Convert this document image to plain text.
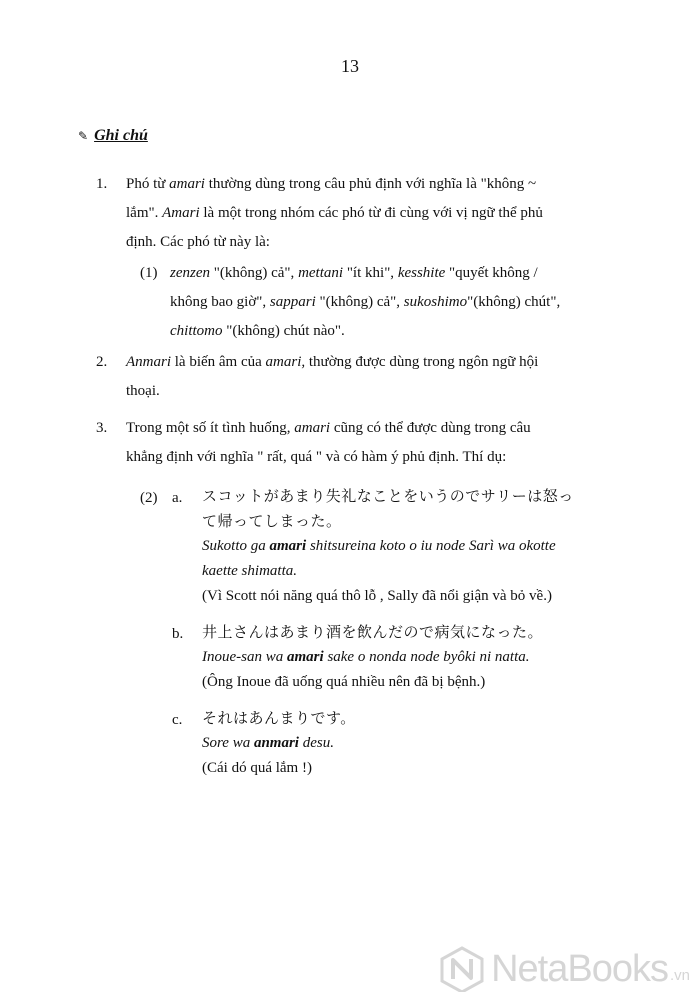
13
✎ Ghi chú
1. Phó từ amari thường dùng trong câu phủ định với nghĩa là "không ~
lắm". Amari là một trong nhóm các phó từ đi cùng với vị ngữ thể phủ
định. Các phó từ này là:
(1) zenzen "(không) cả", mettani "ít khi", kesshite "quyết không /
không bao giờ", sappari "(không) cả", sukoshimo"(không) chút",
chittomo "(không) chút nào".
2. Anmari là biến âm của amari, thường được dùng trong ngôn ngữ hội
thoại.
3. Trong một số ít tình huống, amari cũng có thể được dùng trong câu
khẳng định với nghĩa " rất, quá " và có hàm ý phủ định. Thí dụ:
(2) a. スコットがあまり失礼なことをいうのでサリーは怒っ
て帰ってしまった。
Sukotto ga amari shitsureina koto o iu node Sarì wa okotte
kaette shimatta.
(Vì Scott nói năng quá thô lỗ , Sally đã nổi giận và bỏ về.)
b. 井上さんはあまり酒を飲んだので病気になった。
Inoue-san wa amari sake o nonda node byôki ni natta.
(Ông Inoue đã uống quá nhiều nên đã bị bệnh.)
c. それはあんまりです。
Sore wa anmari desu.
(Cái dó quá lắm !)
NetaBooks .vn
